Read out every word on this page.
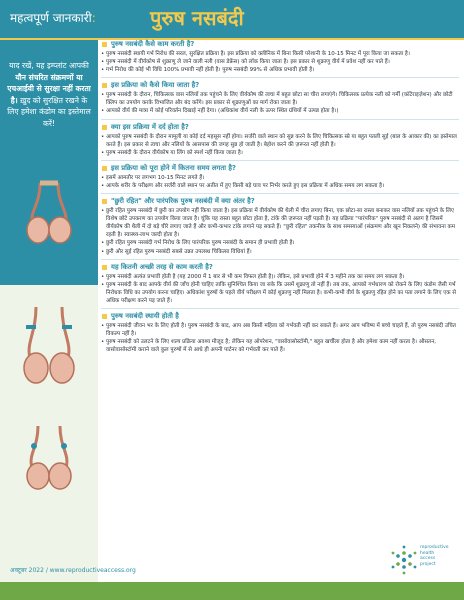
महत्वपूर्ण जानकारी:	पुरुष नसबंदी
याद रखें, यह इम्प्लांट आपकी यौन संचरित संक्रमणों या एचआईवी से सुरक्षा नहीं करता है। ख़ुद को सुरक्षित रखने के लिए हमेशा कंडोम का इस्तेमाल करें!
पुरुष नसबंदी कैसे काम करती है?
• पुरुष नसबंदी स्थायी गर्भ निरोध की सरल, सुरक्षित प्रक्रिया है। इस प्रक्रिया को क्लीनिक में बिना किसी परेशानी के 10-15 मिनट में पूरा किया जा सकता है।
• पुरुष नसबंदी में वीर्यकोष से शुक्राणु ले जाने वाली नली (वास डेफ्रेंस) को लॉक किया जाता है। इस प्रकार से शुक्राणु वीर्य में प्रवेश नहीं कर पाते हैं।
• गर्भ निरोध की कोई भी विधि 100% प्रभावी नहीं होती है। पुरुष नसबंदी 99% से अधिक प्रभावी होती है।
इस प्रक्रिया को कैसे किया जाता है?
• पुरुष नसबंदी के दौरान, चिकित्सक वास नलियों तक पहुंचने के लिए वीर्यकोष की त्वचा में बहुत छोटा सा चीरा लगाएंगे। चिकित्सक प्रत्येक नली को गर्मी (कॉटेराइज़ेशन) और छोटी क्लिप का उपयोग करके विभाजित और बंद करेंगे। इस प्रकार से शुक्राणुओं का मार्ग रोका जाता है।
• आपको वीर्य की मात्रा में कोई परिवर्तन दिखाई नहीं देगा। (अधिकांश वीर्य नली के ऊपर स्थित ग्रंथियों में उत्पन्न होता है।)
क्या इस प्रक्रिया में दर्द होता है?
• आपको पुरुष नसबंदी के दौरान मामूली या कोई दर्द महसूस नहीं होगा। सर्जरी वाले स्थान को सुन्न करने के लिए चिकित्सक स्प्रे या बहुत पतली सुई (बाल के आकार की) का इस्तेमाल करते हैं। इस प्रकार से त्वचा और नलियों के आसपास की जगह सुन्न हो जाती है। बेहोश करने की ज़रूरत नहीं होती है।
• पुरुष नसबंदी के दौरान वीर्यकोष या लिंग को स्पर्श नहीं किया जाता है।
इस प्रक्रिया को पूरा होने में कितना समय लगता है?
• इसमें आमतौर पर लगभग 10-15 मिनट लगते हैं।
• आपके शरीर के परीक्षण और सर्जरी वाले स्थान पर अतीत में हुए किसी बड़े घाव पर निर्भर करते हुए इस प्रक्रिया में अधिक समय लग सकता है।
"छुरी रहित" और पारंपरिक पुरुष नसबंदी में क्या अंतर है?
• छुरी रहित पुरुष नसबंदी में छुरी का उपयोग नहीं किया जाता है। इस प्रक्रिया में वीर्यकोष की थैली में चीरा लगाए बिना, एक छोटा-सा रास्ता बनाकर वास नलियों तक पहुंचने के लिए विशेष छोटे उपकरण का उपयोग किया जाता है। चूंकि यह रास्ता बहुत छोटा होता है, टांके की ज़रूरत नहीं पड़ती है। यह प्रक्रिया "पारंपरिक" पुरुष नसबंदी से अलग है जिसमें वीर्यकोष की थैली में दो बड़े चीरे लगाए जाते हैं और कभी-कभार टांके लगाने पड़ सकते हैं। "छुरी रहित" तकनीक के साथ समस्याओं (संक्रमण और खून निकलने) की संभावना कम रहती है। स्वास्थ्य-लाभ जल्दी होता है।
• छुरी रहित पुरुष नसबंदी गर्भ निरोध के लिए पारंपरिक पुरुष नसबंदी के समान ही प्रभावी होती है।
• छुरी और सुई रहित पुरुष नसबंदी सबसे उन्नत उपलब्ध चिकित्सा विधियां हैं।
यह कितनी अच्छी तरह से काम करती है?
• पुरुष नसबंदी अत्यंत प्रभावी होती है (यह 2000 में 1 बार से भी कम विफल होती है)। लेकिन, इसे प्रभावी होने में 3 महीने तक का समय लग सकता है।
• पुरुष नसबंदी के बाद आपके वीर्य की जाँच होनी चाहिए ताकि सुनिश्चित किया जा सके कि उसमें शुक्राणु तो नहीं हैं। तब तक, आपको गर्भधारण को रोकने के लिए कंडोम जैसी गर्भ निरोधक विधि का उपयोग करना चाहिए। अधिकांश पुरुषों के पहले वीर्य परीक्षण में कोई शुक्राणु नहीं मिलता है। कभी-कभी वीर्य के शुक्राणु रहित होने का पता लगाने के लिए एक से अधिक परीक्षण करने पड़ जाते हैं।
पुरुष नसबंदी स्थायी होती है
• पुरुष नसबंदी जीवन भर के लिए होती है। पुरुष नसबंदी के बाद, आप अब किसी महिला को गर्भवती नहीं कर सकते हैं। अगर आप भविष्य में बच्चे चाहते हैं, तो पुरुष नसबंदी उचित विकल्प नहीं है।
• पुरुष नसबंदी को उलटने के लिए शल्य प्रक्रिया अवश्य मौजूद है; लेकिन यह ऑपरेशन, "वासोवासोस्टॉमी," बहुत खर्चीला होता है और हमेशा काम नहीं करता है। औसतन, वासोवासोस्टॉमी कराने वाले कुल पुरुषों में से आधे ही अपनी पार्टनर को गर्भवती कर पाते हैं।
अक्टूबर 2022 / www.reproductiveaccess.org
reproductive
health
access
project
